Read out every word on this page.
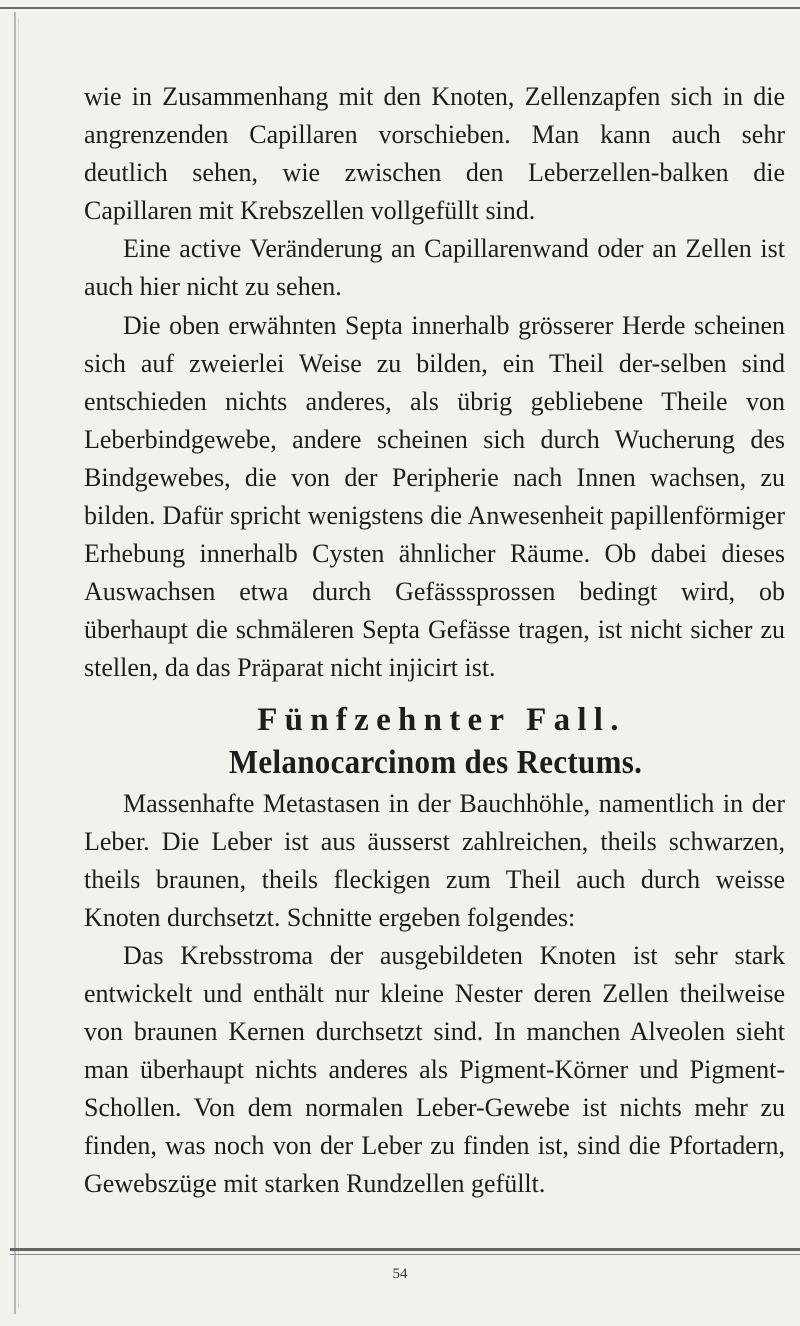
wie in Zusammenhang mit den Knoten, Zellenzapfen sich in die angrenzenden Capillaren vorschieben. Man kann auch sehr deutlich sehen, wie zwischen den Leberzellen-balken die Capillaren mit Krebszellen vollgefüllt sind.

Eine active Veränderung an Capillarenwand oder an Zellen ist auch hier nicht zu sehen.

Die oben erwähnten Septa innerhalb grösserer Herde scheinen sich auf zweierlei Weise zu bilden, ein Theil der-selben sind entschieden nichts anderes, als übrig gebliebene Theile von Leberbindgewebe, andere scheinen sich durch Wucherung des Bindgewebes, die von der Peripherie nach Innen wachsen, zu bilden. Dafür spricht wenigstens die Anwesenheit papillenförmiger Erhebung innerhalb Cysten ähnlicher Räume. Ob dabei dieses Auswachsen etwa durch Gefässsprossen bedingt wird, ob überhaupt die schmäleren Septa Gefässe tragen, ist nicht sicher zu stellen, da das Präparat nicht injicirt ist.

Fünfzehnter Fall.
Melanocarcinom des Rectums.

Massenhafte Metastasen in der Bauchhöhle, namentlich in der Leber. Die Leber ist aus äusserst zahlreichen, theils schwarzen, theils braunen, theils fleckigen zum Theil auch durch weisse Knoten durchsetzt. Schnitte ergeben folgendes:

Das Krebsstroma der ausgebildeten Knoten ist sehr stark entwickelt und enthält nur kleine Nester deren Zellen theilweise von braunen Kernen durchsetzt sind. In manchen Alveolen sieht man überhaupt nichts anderes als Pigment-Körner und Pigment-Schollen. Von dem normalen Leber-Gewebe ist nichts mehr zu finden, was noch von der Leber zu finden ist, sind die Pfortadern, Gewebszüge mit starken Rundzellen gefüllt.

54
